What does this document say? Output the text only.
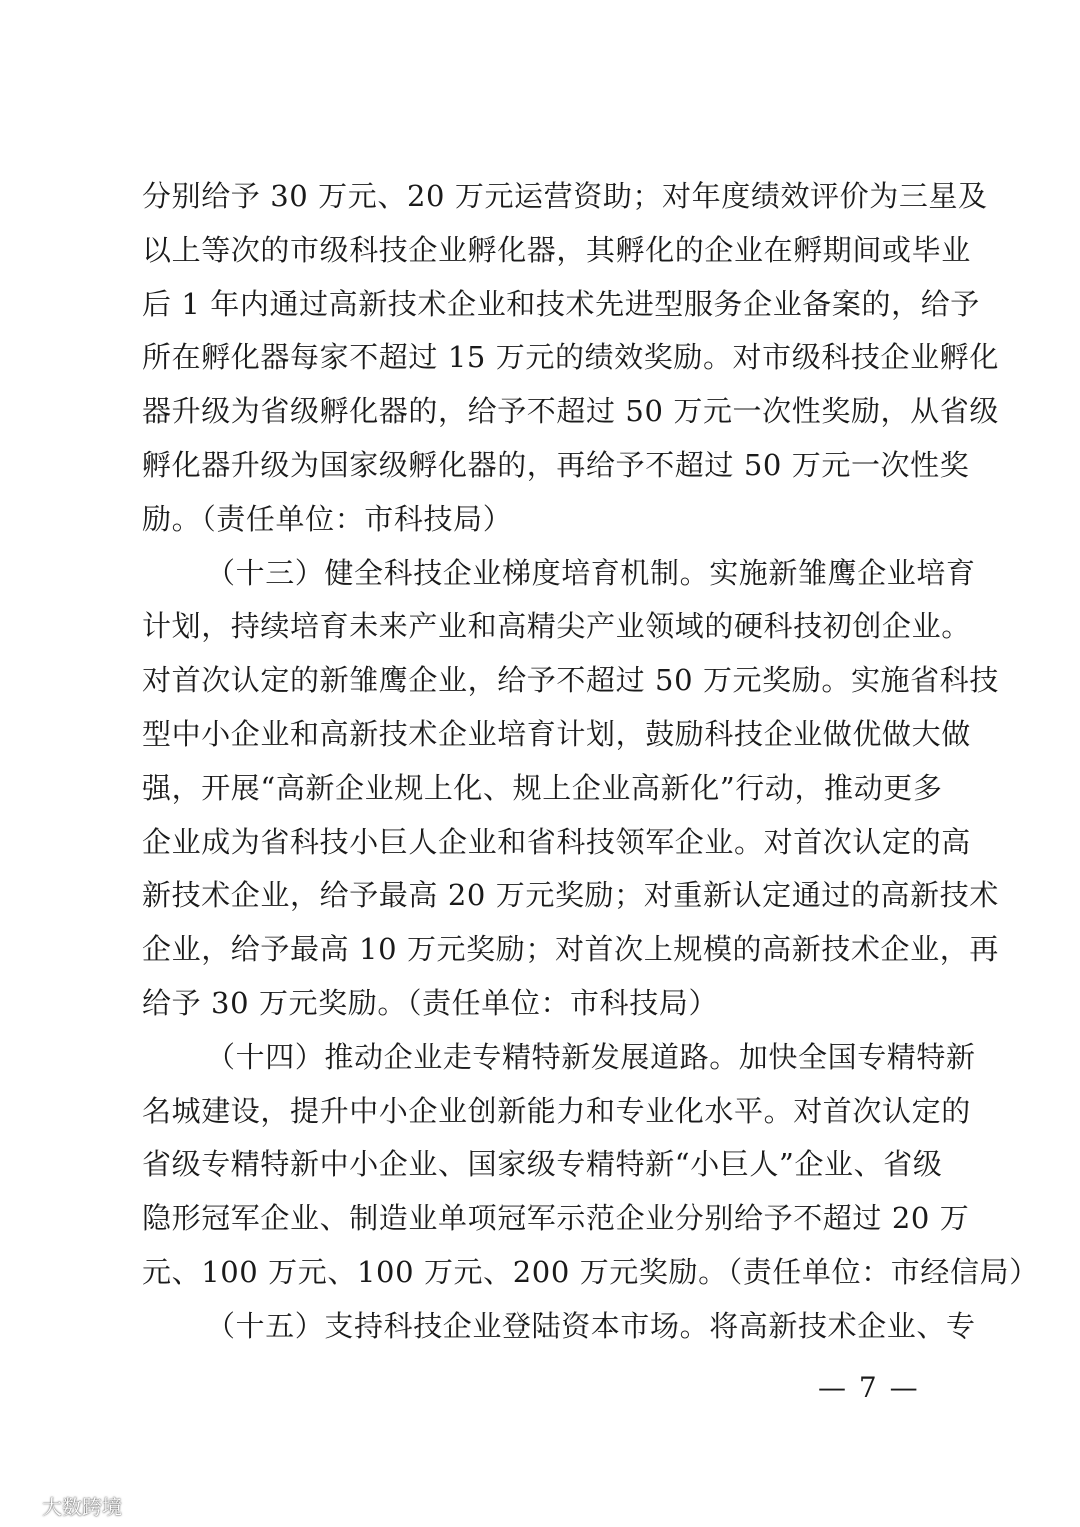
分别给予 30 万元、20 万元运营资助；对年度绩效评价为三星及
以上等次的市级科技企业孵化器，其孵化的企业在孵期间或毕业
后 1 年内通过高新技术企业和技术先进型服务企业备案的，给予
所在孵化器每家不超过 15 万元的绩效奖励。对市级科技企业孵化
器升级为省级孵化器的，给予不超过 50 万元一次性奖励，从省级
孵化器升级为国家级孵化器的，再给予不超过 50 万元一次性奖
励。（责任单位：市科技局）
（十三）健全科技企业梯度培育机制。实施新雏鹰企业培育
计划，持续培育未来产业和高精尖产业领域的硬科技初创企业。
对首次认定的新雏鹰企业，给予不超过 50 万元奖励。实施省科技
型中小企业和高新技术企业培育计划，鼓励科技企业做优做大做
强，开展“高新企业规上化、规上企业高新化”行动，推动更多
企业成为省科技小巨人企业和省科技领军企业。对首次认定的高
新技术企业，给予最高 20 万元奖励；对重新认定通过的高新技术
企业，给予最高 10 万元奖励；对首次上规模的高新技术企业，再
给予 30 万元奖励。（责任单位：市科技局）
（十四）推动企业走专精特新发展道路。加快全国专精特新
名城建设，提升中小企业创新能力和专业化水平。对首次认定的
省级专精特新中小企业、国家级专精特新“小巨人”企业、省级
隐形冠军企业、制造业单项冠军示范企业分别给予不超过 20 万
元、100 万元、100 万元、200 万元奖励。（责任单位：市经信局）
（十五）支持科技企业登陆资本市场。将高新技术企业、专
— 7 —
大数跨境
